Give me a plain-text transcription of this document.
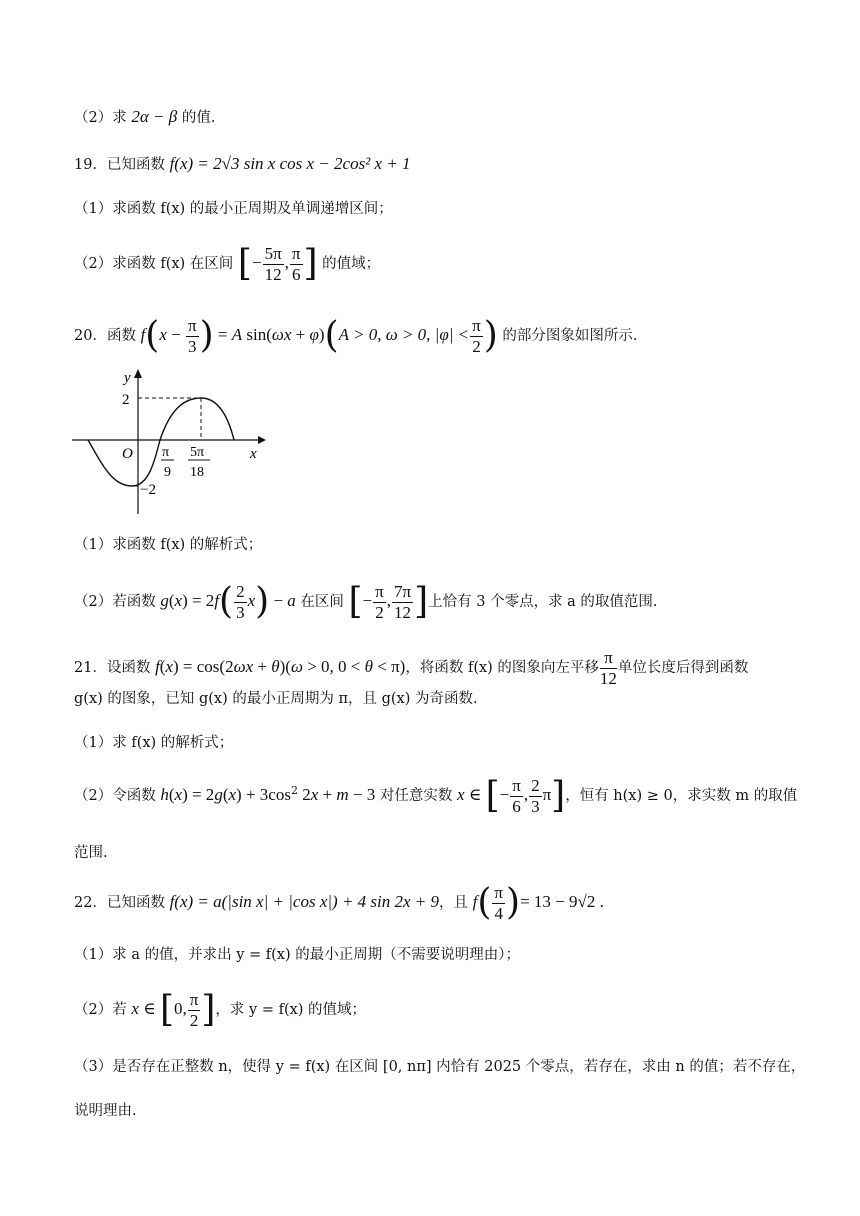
（2）求 2α − β 的值.
19．已知函数 f(x) = 2√3 sin x cos x − 2cos² x + 1
（1）求函数 f(x) 的最小正周期及单调递增区间；
（2）求函数 f(x) 在区间 [− $\frac{5\pi}{12}$ , $\frac{\pi}{6}$ ] 的值域；
20．函数 $f(x - \frac{\pi}{3}$ ) = A sin(ωx + φ)(A > 0, ω > 0, $|\varphi| < \frac{\pi}{2}$ ) 的部分图象如图所示.
y
x
O
2
−2
π
9
5π
18
（1）求函数 f(x) 的解析式；
（2）若函数 $g(x) = 2f( \frac{2}{3} x) - a$ 在区间 [− $\frac{\pi}{2}$ , $\frac{7\pi}{12}$ ]上恰有 3 个零点，求 a 的取值范围.
21．设函数 f(x) = cos(2ωx + θ)(ω > 0, 0 < θ < π)，将函数 f(x) 的图象向左平移 $\frac{\pi}{12}$ 单位长度后得到函数
g(x) 的图象，已知 g(x) 的最小正周期为 π，且 g(x) 为奇函数.
（1）求 f(x) 的解析式；
（2）令函数 $h(x) = 2g(x) + 3\cos^2$ 2x + m − 3 对任意实数 x ∈ [− $\frac{\pi}{6}$ , $\frac{2}{3} \pi$]，恒有 h(x) ≥ 0，求实数 m 的取值
范围.
22．已知函数 f(x) = a(|sin x| + |cos x|) + 4 sin 2x + 9，且 $f( \frac{\pi}{4}$ )= 13 − 9√2 .
（1）求 a 的值，并求出 y = f(x) 的最小正周期（不需要说明理由）；
（2）若 x ∈ [0, $\frac{\pi}{2}$ ]，求 y = f(x) 的值域；
（3）是否存在正整数 n，使得 y = f(x) 在区间 [0, nπ] 内恰有 2025 个零点，若存在，求由 n 的值；若不存在，
说明理由.
